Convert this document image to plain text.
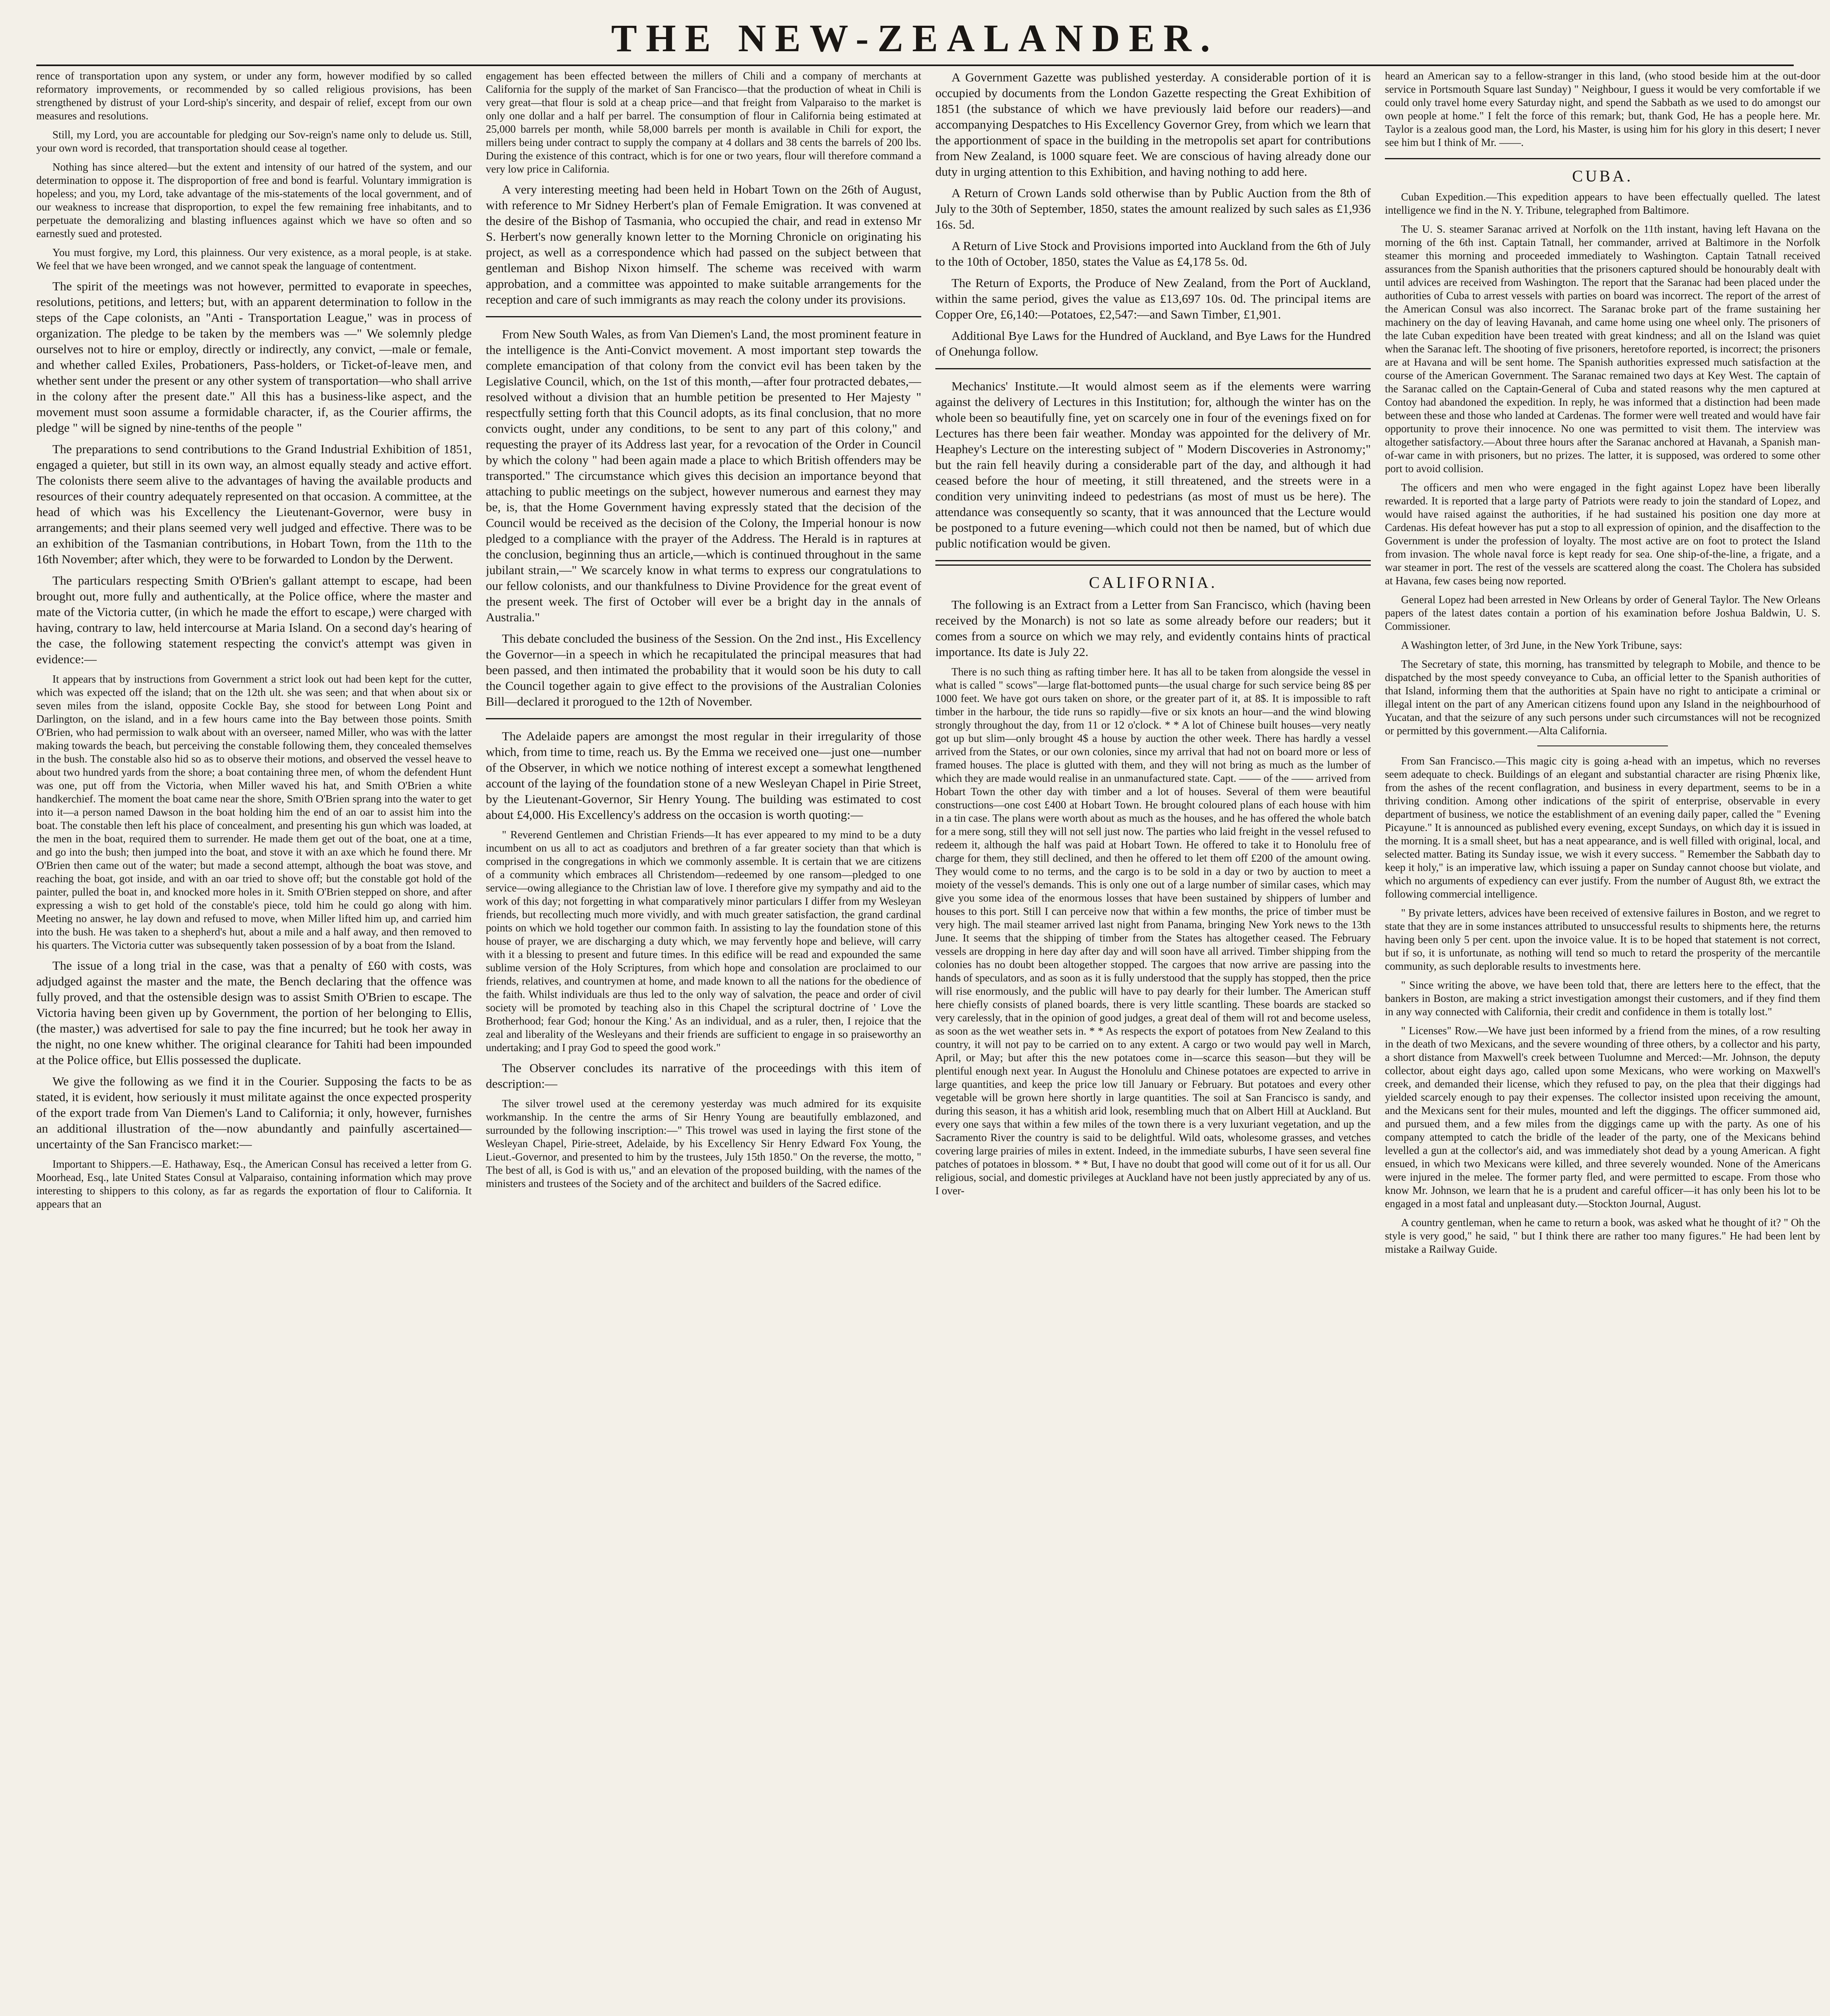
THE NEW-ZEALANDER.

rence of transportation upon any system, or under any form, however modified by so called reformatory improvements, or recommended by so called religious provisions, has been strengthened by distrust of your Lord-ship's sincerity, and despair of relief, except from our own measures and resolutions.

Still, my Lord, you are accountable for pledging our Sov-reign's name only to delude us. Still, your own word is recorded, that transportation should cease al together.

Nothing has since altered—but the extent and intensity of our hatred of the system, and our determination to oppose it. The disproportion of free and bond is fearful. Voluntary immigration is hopeless; and you, my Lord, take advantage of the mis-statements of the local government, and of our weakness to increase that disproportion, to expel the few remaining free inhabitants, and to perpetuate the demoralizing and blasting influences against which we have so often and so earnestly sued and protested.

You must forgive, my Lord, this plainness. Our very existence, as a moral people, is at stake. We feel that we have been wronged, and we cannot speak the language of contentment.

The spirit of the meetings was not however, permitted to evaporate in speeches, resolutions, petitions, and letters; but, with an apparent determination to follow in the steps of the Cape colonists, an "Anti - Transportation League," was in process of organization. The pledge to be taken by the members was —" We solemnly pledge ourselves not to hire or employ, directly or indirectly, any convict, —male or female, and whether called Exiles, Probationers, Pass-holders, or Ticket-of-leave men, and whether sent under the present or any other system of transportation—who shall arrive in the colony after the present date." All this has a business-like aspect, and the movement must soon assume a formidable character, if, as the Courier affirms, the pledge " will be signed by nine-tenths of the people "

The preparations to send contributions to the Grand Industrial Exhibition of 1851, engaged a quieter, but still in its own way, an almost equally steady and active effort. The colonists there seem alive to the advantages of having the available products and resources of their country adequately represented on that occasion. A committee, at the head of which was his Excellency the Lieutenant-Governor, were busy in arrangements; and their plans seemed very well judged and effective. There was to be an exhibition of the Tasmanian contributions, in Hobart Town, from the 11th to the 16th November; after which, they were to be forwarded to London by the Derwent.

The particulars respecting Smith O'Brien's gallant attempt to escape, had been brought out, more fully and authentically, at the Police office, where the master and mate of the Victoria cutter, (in which he made the effort to escape,) were charged with having, contrary to law, held intercourse at Maria Island. On a second day's hearing of the case, the following statement respecting the convict's attempt was given in evidence:—

It appears that by instructions from Government a strict look out had been kept for the cutter, which was expected off the island; that on the 12th ult. she was seen; and that when about six or seven miles from the island, opposite Cockle Bay, she stood for between Long Point and Darlington, on the island, and in a few hours came into the Bay between those points. Smith O'Brien, who had permission to walk about with an overseer, named Miller, who was with the latter making towards the beach, but perceiving the constable following them, they concealed themselves in the bush. The constable also hid so as to observe their motions, and observed the vessel heave to about two hundred yards from the shore; a boat containing three men, of whom the defendent Hunt was one, put off from the Victoria, when Miller waved his hat, and Smith O'Brien a white handkerchief. The moment the boat came near the shore, Smith O'Brien sprang into the water to get into it—a person named Dawson in the boat holding him the end of an oar to assist him into the boat. The constable then left his place of concealment, and presenting his gun which was loaded, at the men in the boat, required them to surrender. He made them get out of the boat, one at a time, and go into the bush; then jumped into the boat, and stove it with an axe which he found there. Mr O'Brien then came out of the water; but made a second attempt, although the boat was stove, and reaching the boat, got inside, and with an oar tried to shove off; but the constable got hold of the painter, pulled the boat in, and knocked more holes in it. Smith O'Brien stepped on shore, and after expressing a wish to get hold of the constable's piece, told him he could go along with him. Meeting no answer, he lay down and refused to move, when Miller lifted him up, and carried him into the bush. He was taken to a shepherd's hut, about a mile and a half away, and then removed to his quarters. The Victoria cutter was subsequently taken possession of by a boat from the Island.

The issue of a long trial in the case, was that a penalty of £60 with costs, was adjudged against the master and the mate, the Bench declaring that the offence was fully proved, and that the ostensible design was to assist Smith O'Brien to escape. The Victoria having been given up by Government, the portion of her belonging to Ellis, (the master,) was advertised for sale to pay the fine incurred; but he took her away in the night, no one knew whither. The original clearance for Tahiti had been impounded at the Police office, but Ellis possessed the duplicate.

We give the following as we find it in the Courier. Supposing the facts to be as stated, it is evident, how seriously it must militate against the once expected prosperity of the export trade from Van Diemen's Land to California; it only, however, furnishes an additional illustration of the—now abundantly and painfully ascertained—uncertainty of the San Francisco market:—

Important to Shippers.—E. Hathaway, Esq., the American Consul has received a letter from G. Moorhead, Esq., late United States Consul at Valparaiso, containing information which may prove interesting to shippers to this colony, as far as regards the exportation of flour to California. It appears that an

engagement has been effected between the millers of Chili and a company of merchants at California for the supply of the market of San Francisco—that the production of wheat in Chili is very great—that flour is sold at a cheap price—and that freight from Valparaiso to the market is only one dollar and a half per barrel. The consumption of flour in California being estimated at 25,000 barrels per month, while 58,000 barrels per month is available in Chili for export, the millers being under contract to supply the company at 4 dollars and 38 cents the barrels of 200 lbs. During the existence of this contract, which is for one or two years, flour will therefore command a very low price in California.

A very interesting meeting had been held in Hobart Town on the 26th of August, with reference to Mr Sidney Herbert's plan of Female Emigration. It was convened at the desire of the Bishop of Tasmania, who occupied the chair, and read in extenso Mr S. Herbert's now generally known letter to the Morning Chronicle on originating his project, as well as a correspondence which had passed on the subject between that gentleman and Bishop Nixon himself. The scheme was received with warm approbation, and a committee was appointed to make suitable arrangements for the reception and care of such immigrants as may reach the colony under its provisions.

From New South Wales, as from Van Diemen's Land, the most prominent feature in the intelligence is the Anti-Convict movement. A most important step towards the complete emancipation of that colony from the convict evil has been taken by the Legislative Council, which, on the 1st of this month,—after four protracted debates,—resolved without a division that an humble petition be presented to Her Majesty " respectfully setting forth that this Council adopts, as its final conclusion, that no more convicts ought, under any conditions, to be sent to any part of this colony," and requesting the prayer of its Address last year, for a revocation of the Order in Council by which the colony " had been again made a place to which British offenders may be transported." The circumstance which gives this decision an importance beyond that attaching to public meetings on the subject, however numerous and earnest they may be, is, that the Home Government having expressly stated that the decision of the Council would be received as the decision of the Colony, the Imperial honour is now pledged to a compliance with the prayer of the Address. The Herald is in raptures at the conclusion, beginning thus an article,—which is continued throughout in the same jubilant strain,—" We scarcely know in what terms to express our congratulations to our fellow colonists, and our thankfulness to Divine Providence for the great event of the present week. The first of October will ever be a bright day in the annals of Australia."

This debate concluded the business of the Session. On the 2nd inst., His Excellency the Governor—in a speech in which he recapitulated the principal measures that had been passed, and then intimated the probability that it would soon be his duty to call the Council together again to give effect to the provisions of the Australian Colonies Bill—declared it prorogued to the 12th of November.

The Adelaide papers are amongst the most regular in their irregularity of those which, from time to time, reach us. By the Emma we received one—just one—number of the Observer, in which we notice nothing of interest except a somewhat lengthened account of the laying of the foundation stone of a new Wesleyan Chapel in Pirie Street, by the Lieutenant-Governor, Sir Henry Young. The building was estimated to cost about £4,000. His Excellency's address on the occasion is worth quoting:—

" Reverend Gentlemen and Christian Friends—It has ever appeared to my mind to be a duty incumbent on us all to act as coadjutors and brethren of a far greater society than that which is comprised in the congregations in which we commonly assemble. It is certain that we are citizens of a community which embraces all Christendom—redeemed by one ransom—pledged to one service—owing allegiance to the Christian law of love. I therefore give my sympathy and aid to the work of this day; not forgetting in what comparatively minor particulars I differ from my Wesleyan friends, but recollecting much more vividly, and with much greater satisfaction, the grand cardinal points on which we hold together our common faith. In assisting to lay the foundation stone of this house of prayer, we are discharging a duty which, we may fervently hope and believe, will carry with it a blessing to present and future times. In this edifice will be read and expounded the same sublime version of the Holy Scriptures, from which hope and consolation are proclaimed to our friends, relatives, and countrymen at home, and made known to all the nations for the obedience of the faith. Whilst individuals are thus led to the only way of salvation, the peace and order of civil society will be promoted by teaching also in this Chapel the scriptural doctrine of ' Love the Brotherhood; fear God; honour the King.' As an individual, and as a ruler, then, I rejoice that the zeal and liberality of the Wesleyans and their friends are sufficient to engage in so praiseworthy an undertaking; and I pray God to speed the good work."

The Observer concludes its narrative of the proceedings with this item of description:—

The silver trowel used at the ceremony yesterday was much admired for its exquisite workmanship. In the centre the arms of Sir Henry Young are beautifully emblazoned, and surrounded by the following inscription:—" This trowel was used in laying the first stone of the Wesleyan Chapel, Pirie-street, Adelaide, by his Excellency Sir Henry Edward Fox Young, the Lieut.-Governor, and presented to him by the trustees, July 15th 1850." On the reverse, the motto, " The best of all, is God is with us," and an elevation of the proposed building, with the names of the ministers and trustees of the Society and of the architect and builders of the Sacred edifice.

A Government Gazette was published yesterday. A considerable portion of it is occupied by documents from the London Gazette respecting the Great Exhibition of 1851 (the substance of which we have previously laid before our readers)—and accompanying Despatches to His Excellency Governor Grey, from which we learn that the apportionment of space in the building in the metropolis set apart for contributions from New Zealand, is 1000 square feet. We are conscious of having already done our duty in urging attention to this Exhibition, and having nothing to add here.

A Return of Crown Lands sold otherwise than by Public Auction from the 8th of July to the 30th of September, 1850, states the amount realized by such sales as £1,936 16s. 5d.

A Return of Live Stock and Provisions imported into Auckland from the 6th of July to the 10th of October, 1850, states the Value as £4,178 5s. 0d.

The Return of Exports, the Produce of New Zealand, from the Port of Auckland, within the same period, gives the value as £13,697 10s. 0d. The principal items are Copper Ore, £6,140:—Potatoes, £2,547:—and Sawn Timber, £1,901.

Additional Bye Laws for the Hundred of Auckland, and Bye Laws for the Hundred of Onehunga follow.

Mechanics' Institute.—It would almost seem as if the elements were warring against the delivery of Lectures in this Institution; for, although the winter has on the whole been so beautifully fine, yet on scarcely one in four of the evenings fixed on for Lectures has there been fair weather. Monday was appointed for the delivery of Mr. Heaphey's Lecture on the interesting subject of " Modern Discoveries in Astronomy;" but the rain fell heavily during a considerable part of the day, and although it had ceased before the hour of meeting, it still threatened, and the streets were in a condition very uninviting indeed to pedestrians (as most of must us be here). The attendance was consequently so scanty, that it was announced that the Lecture would be postponed to a future evening—which could not then be named, but of which due public notification would be given.

CALIFORNIA.

The following is an Extract from a Letter from San Francisco, which (having been received by the Monarch) is not so late as some already before our readers; but it comes from a source on which we may rely, and evidently contains hints of practical importance. Its date is July 22.

There is no such thing as rafting timber here. It has all to be taken from alongside the vessel in what is called " scows"—large flat-bottomed punts—the usual charge for such service being 8$ per 1000 feet. We have got ours taken on shore, or the greater part of it, at 8$. It is impossible to raft timber in the harbour, the tide runs so rapidly—five or six knots an hour—and the wind blowing strongly throughout the day, from 11 or 12 o'clock. * * A lot of Chinese built houses—very neatly got up but slim—only brought 4$ a house by auction the other week. There has hardly a vessel arrived from the States, or our own colonies, since my arrival that had not on board more or less of framed houses. The place is glutted with them, and they will not bring as much as the lumber of which they are made would realise in an unmanufactured state. Capt. —— of the —— arrived from Hobart Town the other day with timber and a lot of houses. Several of them were beautiful constructions—one cost £400 at Hobart Town. He brought coloured plans of each house with him in a tin case. The plans were worth about as much as the houses, and he has offered the whole batch for a mere song, still they will not sell just now. The parties who laid freight in the vessel refused to redeem it, although the half was paid at Hobart Town. He offered to take it to Honolulu free of charge for them, they still declined, and then he offered to let them off £200 of the amount owing. They would come to no terms, and the cargo is to be sold in a day or two by auction to meet a moiety of the vessel's demands. This is only one out of a large number of similar cases, which may give you some idea of the enormous losses that have been sustained by shippers of lumber and houses to this port. Still I can perceive now that within a few months, the price of timber must be very high. The mail steamer arrived last night from Panama, bringing New York news to the 13th June. It seems that the shipping of timber from the States has altogether ceased. The February vessels are dropping in here day after day and will soon have all arrived. Timber shipping from the colonies has no doubt been altogether stopped. The cargoes that now arrive are passing into the hands of speculators, and as soon as it is fully understood that the supply has stopped, then the price will rise enormously, and the public will have to pay dearly for their lumber. The American stuff here chiefly consists of planed boards, there is very little scantling. These boards are stacked so very carelessly, that in the opinion of good judges, a great deal of them will rot and become useless, as soon as the wet weather sets in. * * As respects the export of potatoes from New Zealand to this country, it will not pay to be carried on to any extent. A cargo or two would pay well in March, April, or May; but after this the new potatoes come in—scarce this season—but they will be plentiful enough next year. In August the Honolulu and Chinese potatoes are expected to arrive in large quantities, and keep the price low till January or February. But potatoes and every other vegetable will be grown here shortly in large quantities. The soil at San Francisco is sandy, and during this season, it has a whitish arid look, resembling much that on Albert Hill at Auckland. But every one says that within a few miles of the town there is a very luxuriant vegetation, and up the Sacramento River the country is said to be delightful. Wild oats, wholesome grasses, and vetches covering large prairies of miles in extent. Indeed, in the immediate suburbs, I have seen several fine patches of potatoes in blossom. * * But, I have no doubt that good will come out of it for us all. Our religious, social, and domestic privileges at Auckland have not been justly appreciated by any of us. I over-

heard an American say to a fellow-stranger in this land, (who stood beside him at the out-door service in Portsmouth Square last Sunday) " Neighbour, I guess it would be very comfortable if we could only travel home every Saturday night, and spend the Sabbath as we used to do amongst our own people at home." I felt the force of this remark; but, thank God, He has a people here. Mr. Taylor is a zealous good man, the Lord, his Master, is using him for his glory in this desert; I never see him but I think of Mr. ——.

CUBA.

Cuban Expedition.—This expedition appears to have been effectually quelled. The latest intelligence we find in the N. Y. Tribune, telegraphed from Baltimore.

The U. S. steamer Saranac arrived at Norfolk on the 11th instant, having left Havana on the morning of the 6th inst. Captain Tatnall, her commander, arrived at Baltimore in the Norfolk steamer this morning and proceeded immediately to Washington. Captain Tatnall received assurances from the Spanish authorities that the prisoners captured should be honourably dealt with until advices are received from Washington. The report that the Saranac had been placed under the authorities of Cuba to arrest vessels with parties on board was incorrect. The report of the arrest of the American Consul was also incorrect. The Saranac broke part of the frame sustaining her machinery on the day of leaving Havanah, and came home using one wheel only. The prisoners of the late Cuban expedition have been treated with great kindness; and all on the Island was quiet when the Saranac left. The shooting of five prisoners, heretofore reported, is incorrect; the prisoners are at Havana and will be sent home. The Spanish authorities expressed much satisfaction at the course of the American Government. The Saranac remained two days at Key West. The captain of the Saranac called on the Captain-General of Cuba and stated reasons why the men captured at Contoy had abandoned the expedition. In reply, he was informed that a distinction had been made between these and those who landed at Cardenas. The former were well treated and would have fair opportunity to prove their innocence. No one was permitted to visit them. The interview was altogether satisfactory.—About three hours after the Saranac anchored at Havanah, a Spanish man-of-war came in with prisoners, but no prizes. The latter, it is supposed, was ordered to some other port to avoid collision.

The officers and men who were engaged in the fight against Lopez have been liberally rewarded. It is reported that a large party of Patriots were ready to join the standard of Lopez, and would have raised against the authorities, if he had sustained his position one day more at Cardenas. His defeat however has put a stop to all expression of opinion, and the disaffection to the Government is under the profession of loyalty. The most active are on foot to protect the Island from invasion. The whole naval force is kept ready for sea. One ship-of-the-line, a frigate, and a war steamer in port. The rest of the vessels are scattered along the coast. The Cholera has subsided at Havana, few cases being now reported.

General Lopez had been arrested in New Orleans by order of General Taylor. The New Orleans papers of the latest dates contain a portion of his examination before Joshua Baldwin, U. S. Commissioner.

A Washington letter, of 3rd June, in the New York Tribune, says:

The Secretary of state, this morning, has transmitted by telegraph to Mobile, and thence to be dispatched by the most speedy conveyance to Cuba, an official letter to the Spanish authorities of that Island, informing them that the authorities at Spain have no right to anticipate a criminal or illegal intent on the part of any American citizens found upon any Island in the neighbourhood of Yucatan, and that the seizure of any such persons under such circumstances will not be recognized or permitted by this government.—Alta California.

From San Francisco.—This magic city is going a-head with an impetus, which no reverses seem adequate to check. Buildings of an elegant and substantial character are rising Phœnix like, from the ashes of the recent conflagration, and business in every department, seems to be in a thriving condition. Among other indications of the spirit of enterprise, observable in every department of business, we notice the establishment of an evening daily paper, called the " Evening Picayune." It is announced as published every evening, except Sundays, on which day it is issued in the morning. It is a small sheet, but has a neat appearance, and is well filled with original, local, and selected matter. Bating its Sunday issue, we wish it every success. " Remember the Sabbath day to keep it holy," is an imperative law, which issuing a paper on Sunday cannot choose but violate, and which no arguments of expediency can ever justify. From the number of August 8th, we extract the following commercial intelligence.

" By private letters, advices have been received of extensive failures in Boston, and we regret to state that they are in some instances attributed to unsuccessful results to shipments here, the returns having been only 5 per cent. upon the invoice value. It is to be hoped that statement is not correct, but if so, it is unfortunate, as nothing will tend so much to retard the prosperity of the mercantile community, as such deplorable results to investments here.

" Since writing the above, we have been told that, there are letters here to the effect, that the bankers in Boston, are making a strict investigation amongst their customers, and if they find them in any way connected with California, their credit and confidence in them is totally lost."

" Licenses" Row.—We have just been informed by a friend from the mines, of a row resulting in the death of two Mexicans, and the severe wounding of three others, by a collector and his party, a short distance from Maxwell's creek between Tuolumne and Merced:—Mr. Johnson, the deputy collector, about eight days ago, called upon some Mexicans, who were working on Maxwell's creek, and demanded their license, which they refused to pay, on the plea that their diggings had yielded scarcely enough to pay their expenses. The collector insisted upon receiving the amount, and the Mexicans sent for their mules, mounted and left the diggings. The officer summoned aid, and pursued them, and a few miles from the diggings came up with the party. As one of his company attempted to catch the bridle of the leader of the party, one of the Mexicans behind levelled a gun at the collector's aid, and was immediately shot dead by a young American. A fight ensued, in which two Mexicans were killed, and three severely wounded. None of the Americans were injured in the melee. The former party fled, and were permitted to escape. From those who know Mr. Johnson, we learn that he is a prudent and careful officer—it has only been his lot to be engaged in a most fatal and unpleasant duty.—Stockton Journal, August.

A country gentleman, when he came to return a book, was asked what he thought of it? " Oh the style is very good," he said, " but I think there are rather too many figures." He had been lent by mistake a Railway Guide.
